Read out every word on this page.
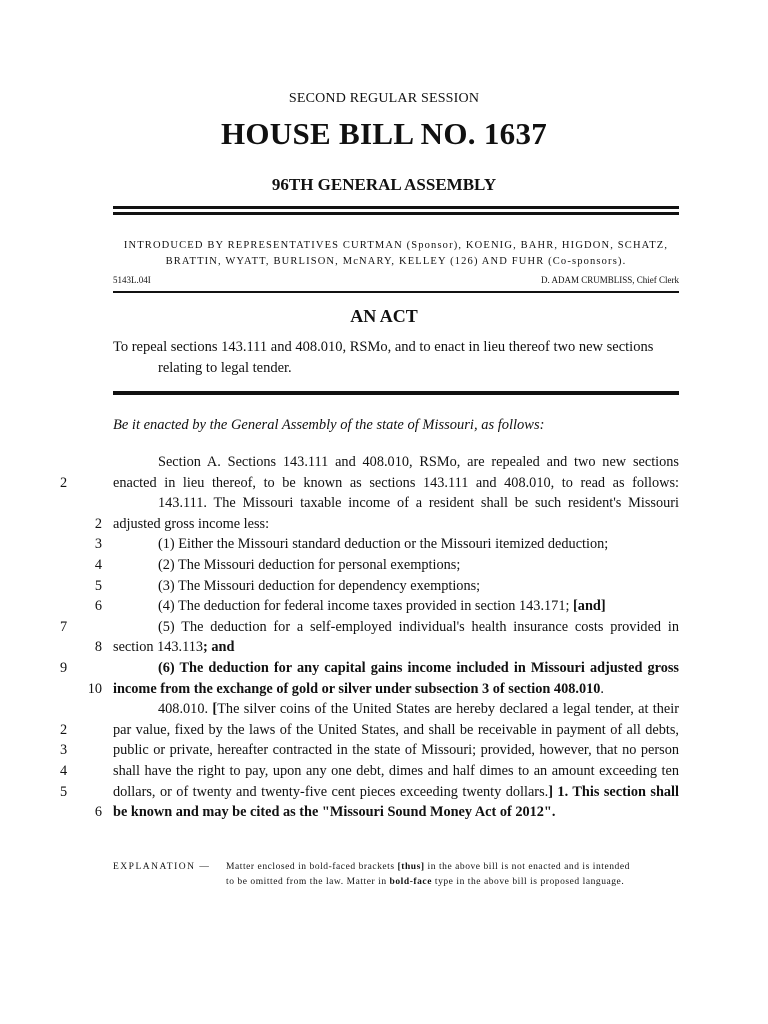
SECOND REGULAR SESSION
HOUSE BILL NO. 1637
96TH GENERAL ASSEMBLY
INTRODUCED BY REPRESENTATIVES CURTMAN (Sponsor), KOENIG, BAHR, HIGDON, SCHATZ,
BRATTIN, WYATT, BURLISON, McNARY, KELLEY (126) AND FUHR (Co-sponsors).
5143L.04I	D. ADAM CRUMBLISS, Chief Clerk
AN ACT
To repeal sections 143.111 and 408.010, RSMo, and to enact in lieu thereof two new sections
relating to legal tender.
Be it enacted by the General Assembly of the state of Missouri, as follows:
Section A. Sections 143.111 and 408.010, RSMo, are repealed and two new sections
2	enacted in lieu thereof, to be known as sections 143.111 and 408.010, to read as follows:
143.111. The Missouri taxable income of a resident shall be such resident's Missouri
2 adjusted gross income less:
3	(1) Either the Missouri standard deduction or the Missouri itemized deduction;
4	(2) The Missouri deduction for personal exemptions;
5	(3) The Missouri deduction for dependency exemptions;
6	(4) The deduction for federal income taxes provided in section 143.171; [and]
7	(5) The deduction for a self-employed individual's health insurance costs provided in
8 section 143.113; and
9	(6) The deduction for any capital gains income included in Missouri adjusted gross
10 income from the exchange of gold or silver under subsection 3 of section 408.010.
408.010. [The silver coins of the United States are hereby declared a legal tender, at their
2	par value, fixed by the laws of the United States, and shall be receivable in payment of all debts,
3	public or private, hereafter contracted in the state of Missouri; provided, however, that no person
4	shall have the right to pay, upon any one debt, dimes and half dimes to an amount exceeding ten
5	dollars, or of twenty and twenty-five cent pieces exceeding twenty dollars.] 1. This section shall
6 be known and may be cited as the "Missouri Sound Money Act of 2012".
EXPLANATION — Matter enclosed in bold-faced brackets [thus] in the above bill is not enacted and is intended
to be omitted from the law. Matter in bold-face type in the above bill is proposed language.
